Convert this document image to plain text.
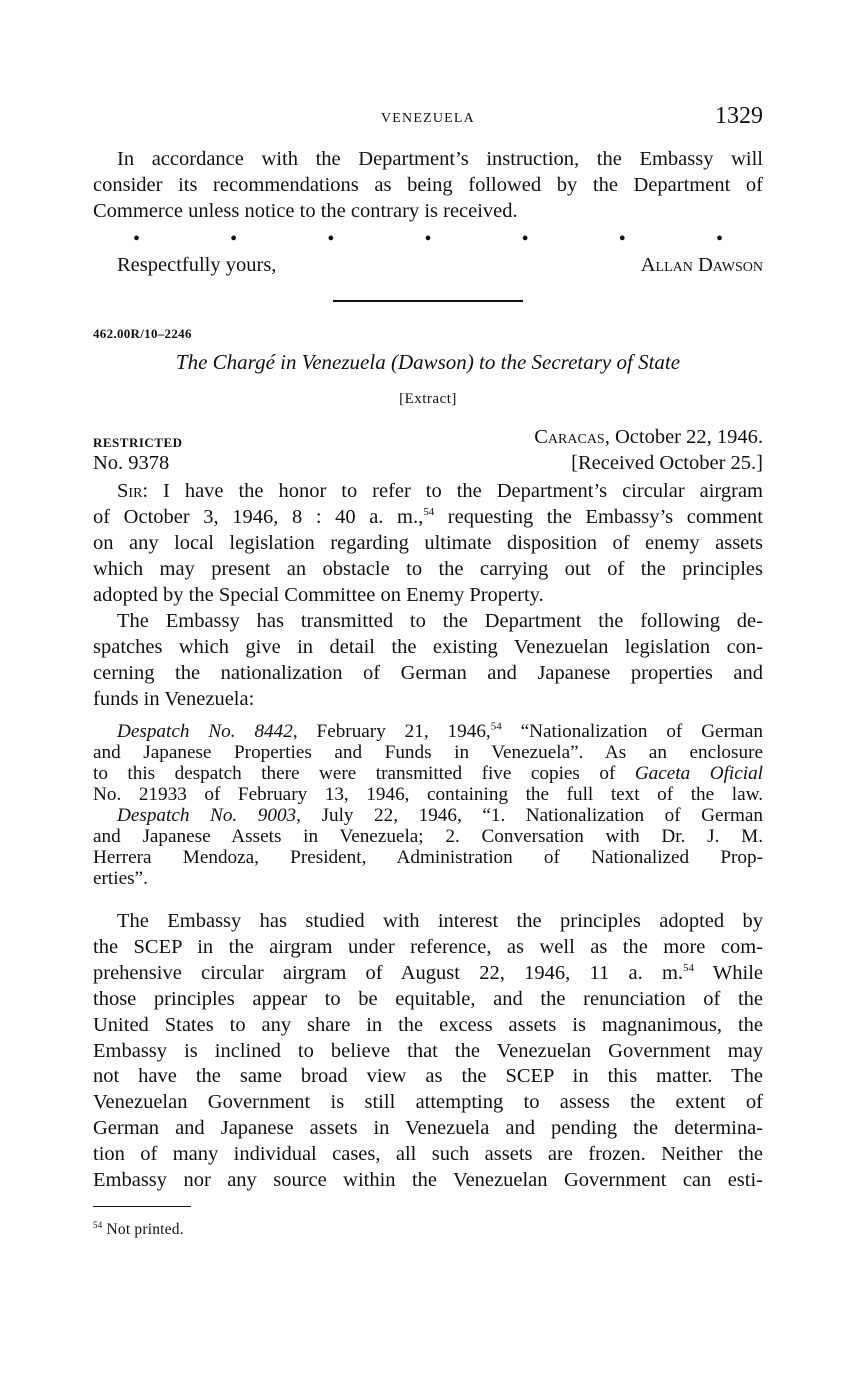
VENEZUELA	1329
In accordance with the Department’s instruction, the Embassy will
consider its recommendations as being followed by the Department of
Commerce unless notice to the contrary is received.
•	•	•	•	•	•	•
Respectfully yours,	Allan Dawson
462.00R/10–2246
The Chargé in Venezuela (Dawson) to the Secretary of State
[Extract]
RESTRICTED	Caracas, October 22, 1946.
No. 9378	[Received October 25.]
Sir: I have the honor to refer to the Department’s circular airgram
of October 3, 1946, 8 : 40 a. m.,$^{54}$ requesting the Embassy’s comment
on any local legislation regarding ultimate disposition of enemy assets
which may present an obstacle to the carrying out of the principles
adopted by the Special Committee on Enemy Property.
The Embassy has transmitted to the Department the following de-
spatches which give in detail the existing Venezuelan legislation con-
cerning the nationalization of German and Japanese properties and
funds in Venezuela:
Despatch No. 8442, February 21, 1946,54 “Nationalization of German
and Japanese Properties and Funds in Venezuela”. As an enclosure
to this despatch there were transmitted five copies of Gaceta Oficial
No. 21933 of February 13, 1946, containing the full text of the law.
Despatch No. 9003, July 22, 1946, “1. Nationalization of German
and Japanese Assets in Venezuela; 2. Conversation with Dr. J. M.
Herrera Mendoza, President, Administration of Nationalized Prop-
erties”.
The Embassy has studied with interest the principles adopted by
the SCEP in the airgram under reference, as well as the more com-
prehensive circular airgram of August 22, 1946, 11 a. m.$^{54}$ While
those principles appear to be equitable, and the renunciation of the
United States to any share in the excess assets is magnanimous, the
Embassy is inclined to believe that the Venezuelan Government may
not have the same broad view as the SCEP in this matter. The
Venezuelan Government is still attempting to assess the extent of
German and Japanese assets in Venezuela and pending the determina-
tion of many individual cases, all such assets are frozen. Neither the
Embassy nor any source within the Venezuelan Government can esti-
$^{54}$ Not printed.
